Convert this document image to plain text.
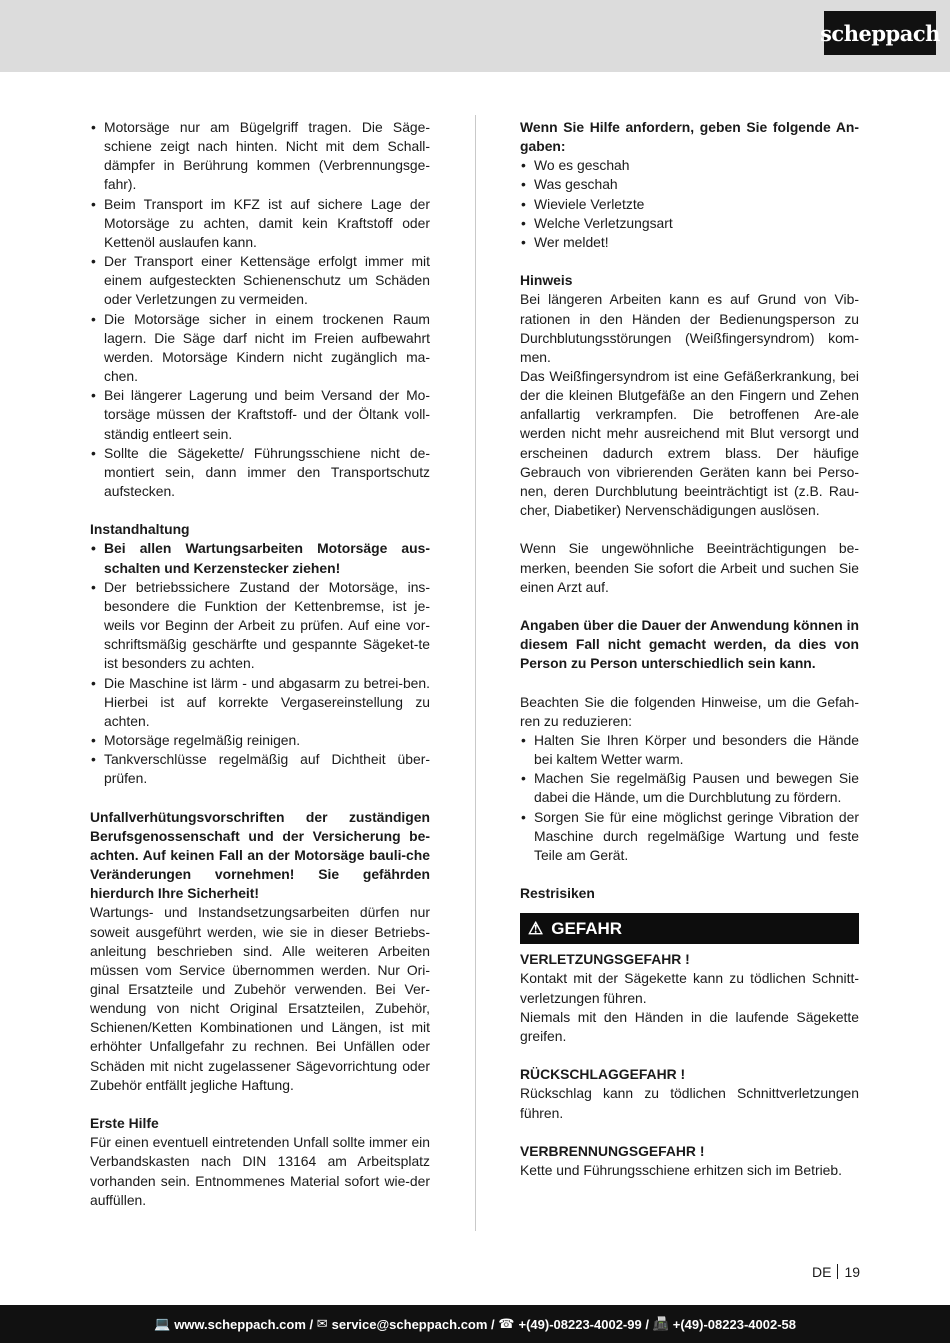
scheppach
• Motorsäge nur am Bügelgriff tragen. Die Säge-schiene zeigt nach hinten. Nicht mit dem Schall-dämpfer in Berührung kommen (Verbrennungsge-fahr).
• Beim Transport im KFZ ist auf sichere Lage der Motorsäge zu achten, damit kein Kraftstoff oder Kettenöl auslaufen kann.
• Der Transport einer Kettensäge erfolgt immer mit einem aufgesteckten Schienenschutz um Schäden oder Verletzungen zu vermeiden.
• Die Motorsäge sicher in einem trockenen Raum lagern. Die Säge darf nicht im Freien aufbewahrt werden. Motorsäge Kindern nicht zugänglich ma-chen.
• Bei längerer Lagerung und beim Versand der Mo-torsäge müssen der Kraftstoff- und der Öltank voll-ständig entleert sein.
• Sollte die Sägekette/ Führungsschiene nicht de-montiert sein, dann immer den Transportschutz aufstecken.

Instandhaltung

• Bei allen Wartungsarbeiten Motorsäge aus-schalten und Kerzenstecker ziehen!
• Der betriebssichere Zustand der Motorsäge, ins-besondere die Funktion der Kettenbremse, ist je-weils vor Beginn der Arbeit zu prüfen. Auf eine vor-schriftsmäßig geschärfte und gespannte Sägeket-te ist besonders zu achten.
• Die Maschine ist lärm - und abgasarm zu betrei-ben. Hierbei ist auf korrekte Vergasereinstellung zu achten.
• Motorsäge regelmäßig reinigen.
• Tankverschlüsse regelmäßig auf Dichtheit über-prüfen.

Unfallverhütungsvorschriften der zuständigen Berufsgenossenschaft und der Versicherung be-achten. Auf keinen Fall an der Motorsäge bauli-che Veränderungen vornehmen! Sie gefährden hierdurch Ihre Sicherheit!

Wartungs- und Instandsetzungsarbeiten dürfen nur soweit ausgeführt werden, wie sie in dieser Betriebs-anleitung beschrieben sind. Alle weiteren Arbeiten müssen vom Service übernommen werden. Nur Ori-ginal Ersatzteile und Zubehör verwenden. Bei Ver-wendung von nicht Original Ersatzteilen, Zubehör, Schienen/Ketten Kombinationen und Längen, ist mit erhöhter Unfallgefahr zu rechnen. Bei Unfällen oder Schäden mit nicht zugelassener Sägevorrichtung oder Zubehör entfällt jegliche Haftung.

Erste Hilfe

Für einen eventuell eintretenden Unfall sollte immer ein Verbandskasten nach DIN 13164 am Arbeitsplatz vorhanden sein. Entnommenes Material sofort wie-der auffüllen.

Wenn Sie Hilfe anfordern, geben Sie folgende An-gaben:

• Wo es geschah
• Was geschah
• Wieviele Verletzte
• Welche Verletzungsart
• Wer meldet!

Hinweis

Bei längeren Arbeiten kann es auf Grund von Vib-rationen in den Händen der Bedienungsperson zu Durchblutungsstörungen (Weißfingersyndrom) kom-men.

Das Weißfingersyndrom ist eine Gefäßerkrankung, bei der die kleinen Blutgefäße an den Fingern und Zehen anfallartig verkrampfen. Die betroffenen Are-ale werden nicht mehr ausreichend mit Blut versorgt und erscheinen dadurch extrem blass. Der häufige Gebrauch von vibrierenden Geräten kann bei Perso-nen, deren Durchblutung beeinträchtigt ist (z.B. Rau-cher, Diabetiker) Nervenschädigungen auslösen.

Wenn Sie ungewöhnliche Beeinträchtigungen be-merken, beenden Sie sofort die Arbeit und suchen Sie einen Arzt auf.

Angaben über die Dauer der Anwendung können in diesem Fall nicht gemacht werden, da dies von Person zu Person unterschiedlich sein kann.

Beachten Sie die folgenden Hinweise, um die Gefah-ren zu reduzieren:

• Halten Sie Ihren Körper und besonders die Hände bei kaltem Wetter warm.
• Machen Sie regelmäßig Pausen und bewegen Sie dabei die Hände, um die Durchblutung zu fördern.
• Sorgen Sie für eine möglichst geringe Vibration der Maschine durch regelmäßige Wartung und feste Teile am Gerät.

Restrisiken

⚠ GEFAHR

VERLETZUNGSGEFAHR !

Kontakt mit der Sägekette kann zu tödlichen Schnitt-verletzungen führen.

Niemals mit den Händen in die laufende Sägekette greifen.

RÜCKSCHLAGGEFAHR !

Rückschlag kann zu tödlichen Schnittverletzungen führen.

VERBRENNUNGSGEFAHR !

Kette und Führungsschiene erhitzen sich im Betrieb.

DE 19
💻 www.scheppach.com /
✉ service@scheppach.com /
☎ +(49)-08223-4002-99 /
📠 +(49)-08223-4002-58
